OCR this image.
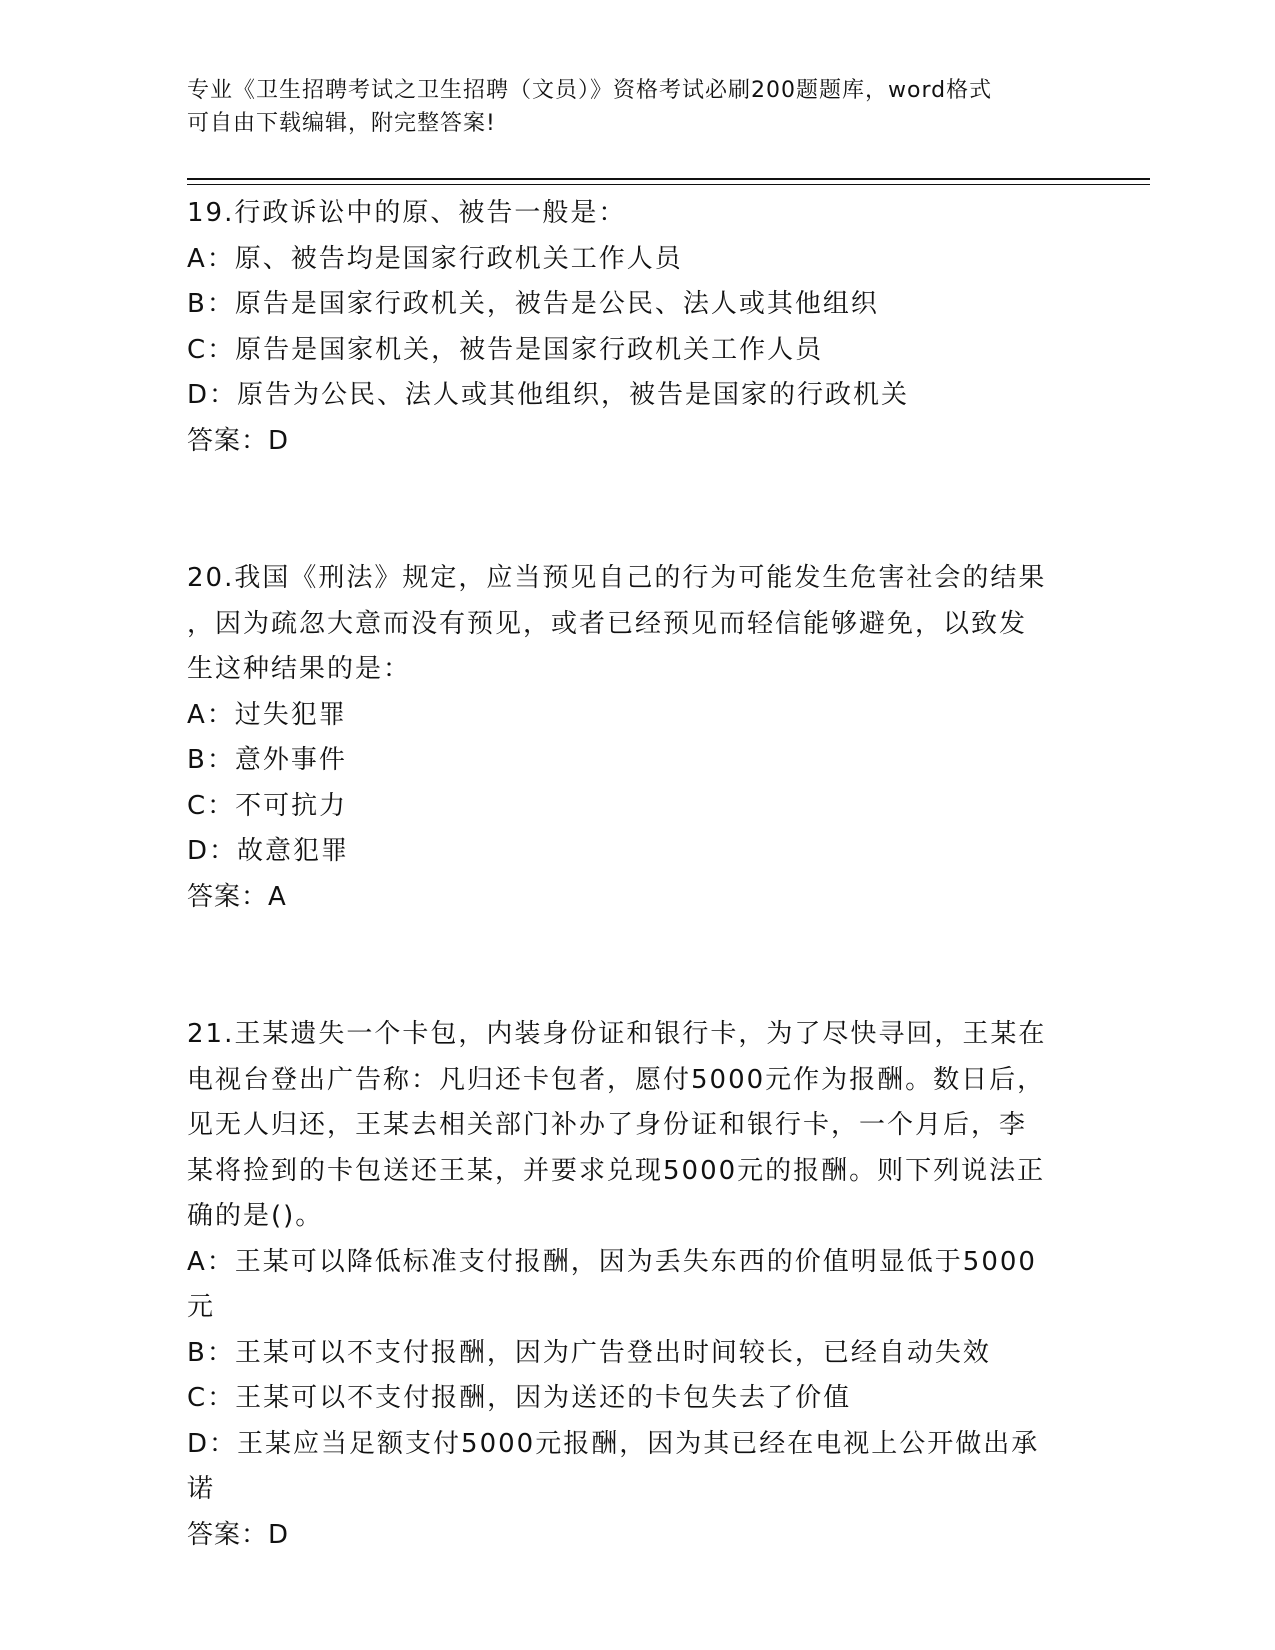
专业《卫生招聘考试之卫生招聘（文员）》资格考试必刷200题题库，word格式
可自由下载编辑，附完整答案!

19.行政诉讼中的原、被告一般是：

A：原、被告均是国家行政机关工作人员

B：原告是国家行政机关，被告是公民、法人或其他组织

C：原告是国家机关，被告是国家行政机关工作人员

D：原告为公民、法人或其他组织，被告是国家的行政机关

答案：D

20.我国《刑法》规定，应当预见自己的行为可能发生危害社会的结果

，因为疏忽大意而没有预见，或者已经预见而轻信能够避免，以致发

生这种结果的是：

A：过失犯罪

B：意外事件

C：不可抗力

D：故意犯罪

答案：A

21.王某遗失一个卡包，内装身份证和银行卡，为了尽快寻回，王某在

电视台登出广告称：凡归还卡包者，愿付5000元作为报酬。数日后，

见无人归还，王某去相关部门补办了身份证和银行卡，一个月后，李

某将捡到的卡包送还王某，并要求兑现5000元的报酬。则下列说法正

确的是()。

A：王某可以降低标准支付报酬，因为丢失东西的价值明显低于5000

元

B：王某可以不支付报酬，因为广告登出时间较长，已经自动失效

C：王某可以不支付报酬，因为送还的卡包失去了价值

D：王某应当足额支付5000元报酬，因为其已经在电视上公开做出承

诺

答案：D
